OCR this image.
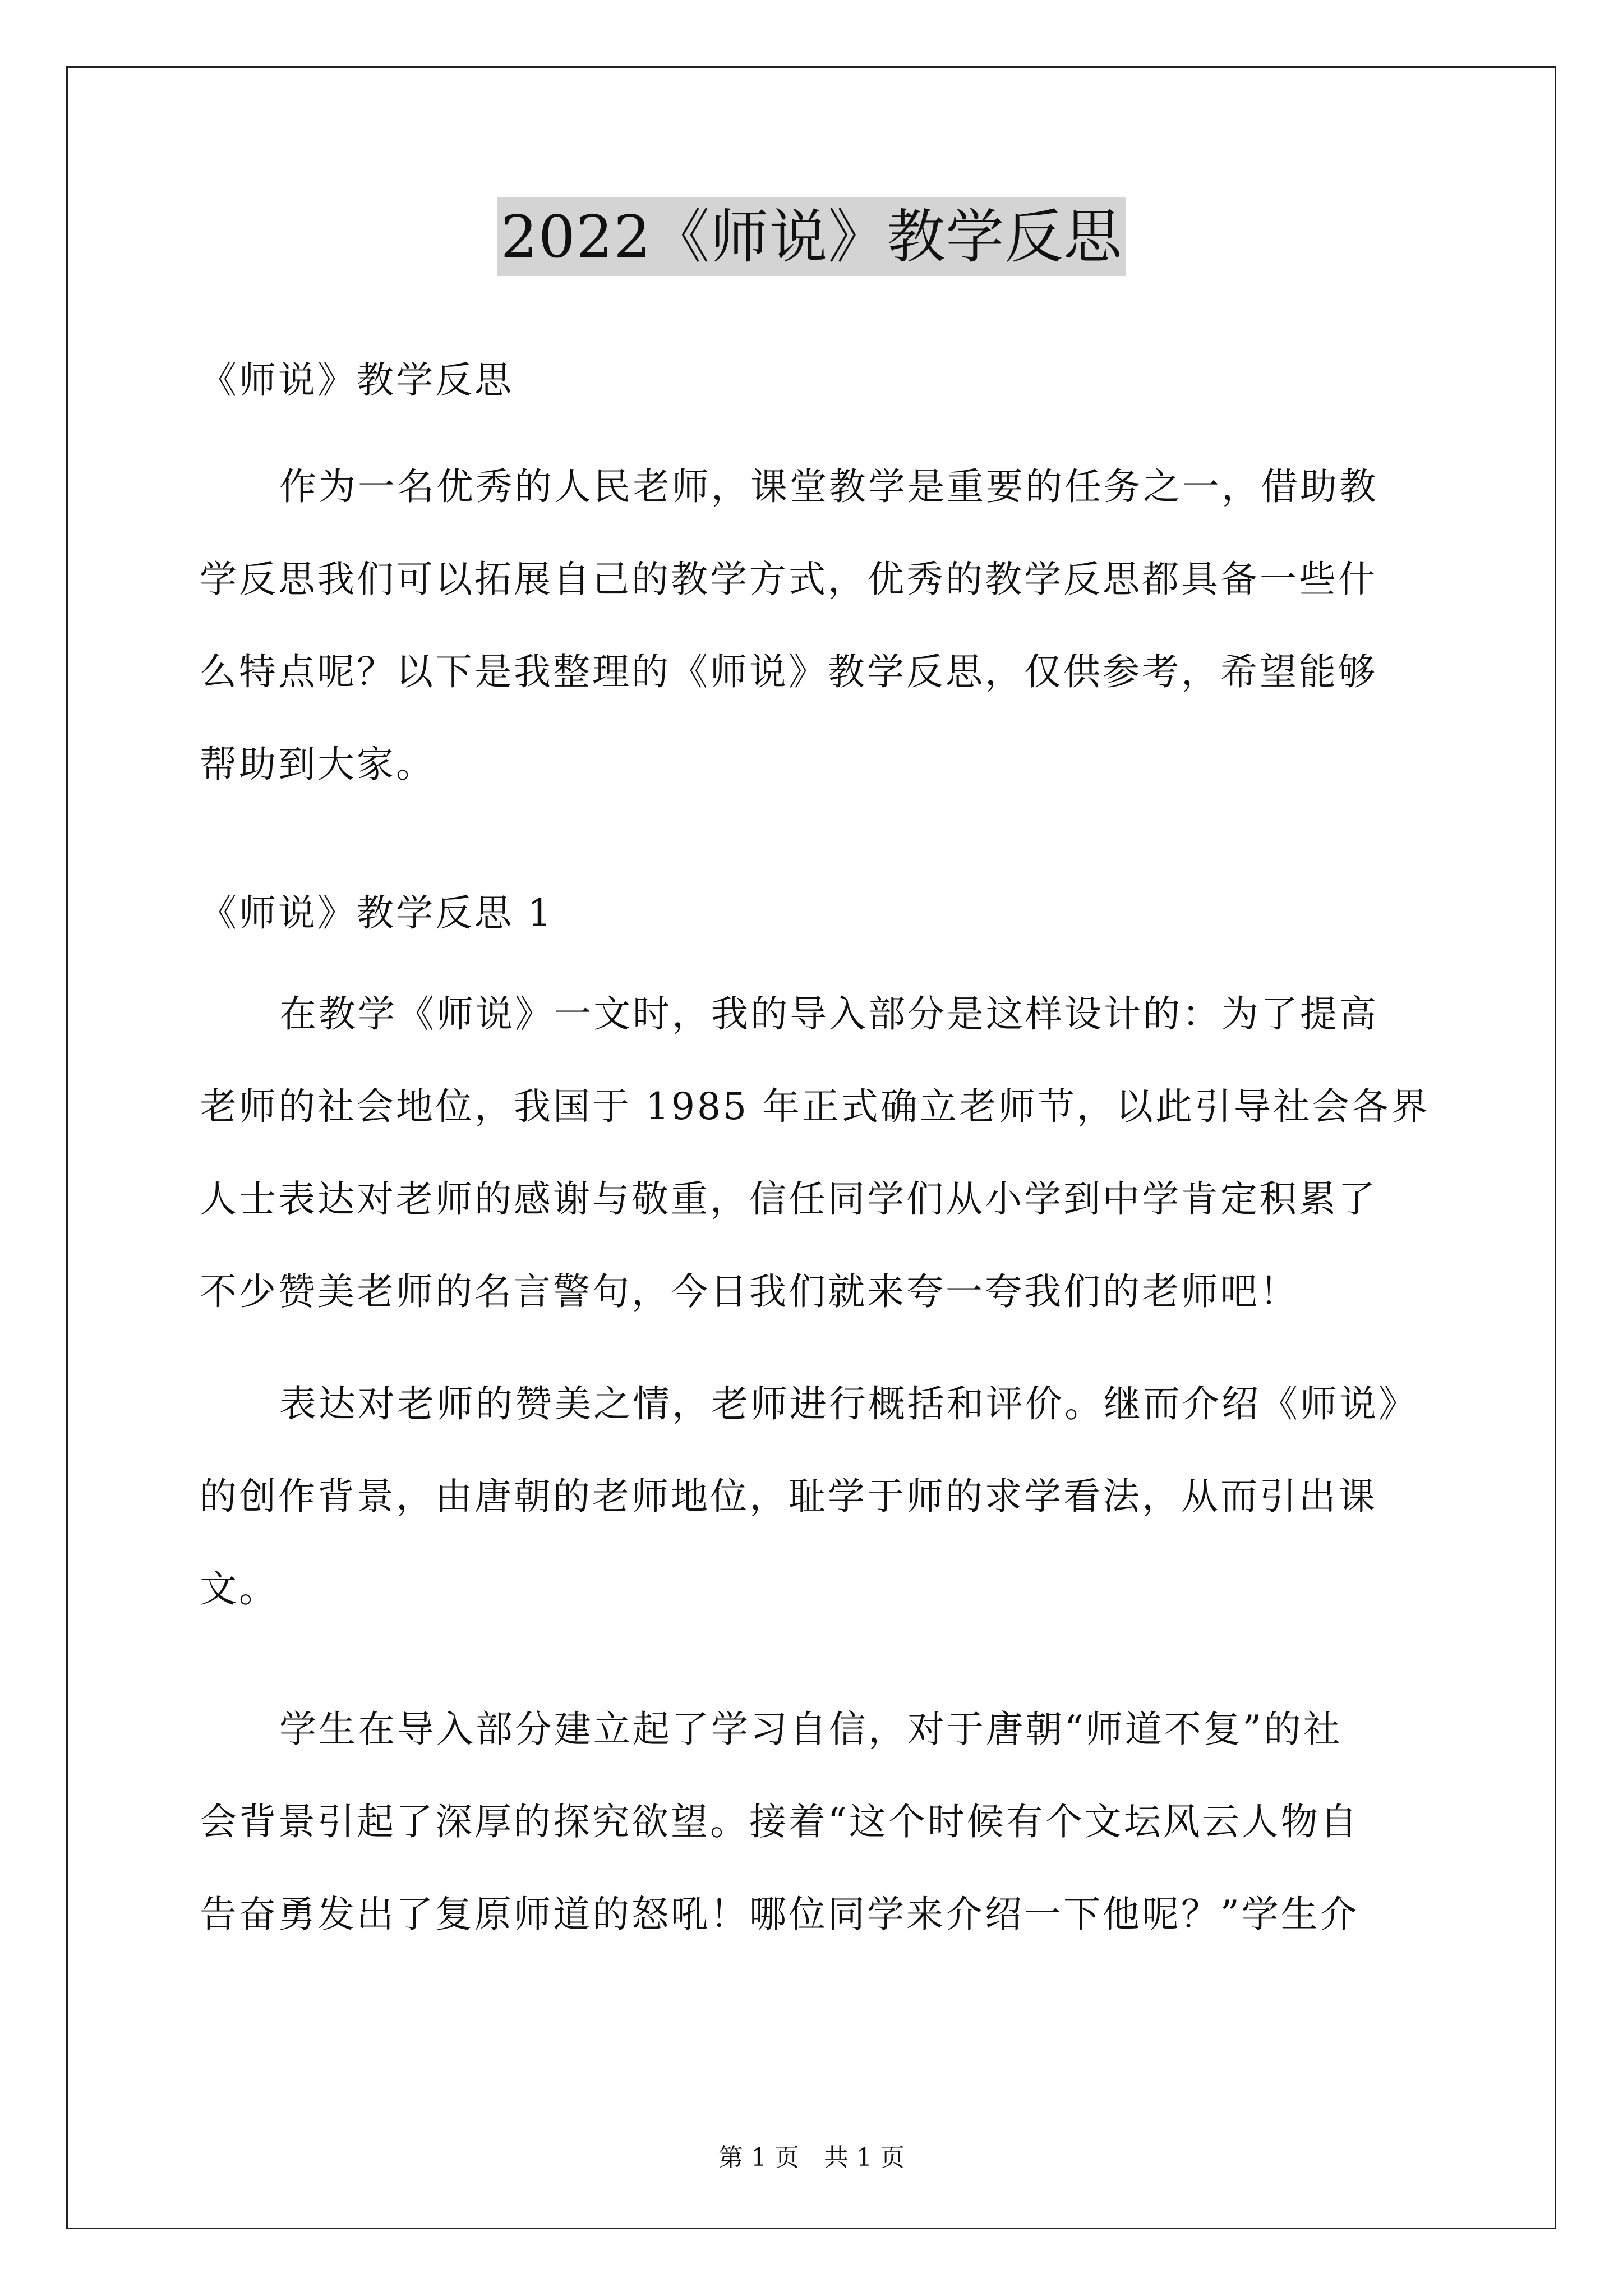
2022《师说》教学反思

《师说》教学反思

作为一名优秀的人民老师，课堂教学是重要的任务之一，借助教

学反思我们可以拓展自己的教学方式，优秀的教学反思都具备一些什

么特点呢？以下是我整理的《师说》教学反思，仅供参考，希望能够

帮助到大家。

《师说》教学反思 1

在教学《师说》一文时，我的导入部分是这样设计的：为了提高

老师的社会地位，我国于 1985 年正式确立老师节，以此引导社会各界

人士表达对老师的感谢与敬重，信任同学们从小学到中学肯定积累了

不少赞美老师的名言警句，今日我们就来夸一夸我们的老师吧！

表达对老师的赞美之情，老师进行概括和评价。继而介绍《师说》

的创作背景，由唐朝的老师地位，耻学于师的求学看法，从而引出课

文。

学生在导入部分建立起了学习自信，对于唐朝“师道不复”的社

会背景引起了深厚的探究欲望。接着“这个时候有个文坛风云人物自

告奋勇发出了复原师道的怒吼！哪位同学来介绍一下他呢？”学生介

第 1 页　共 1 页
